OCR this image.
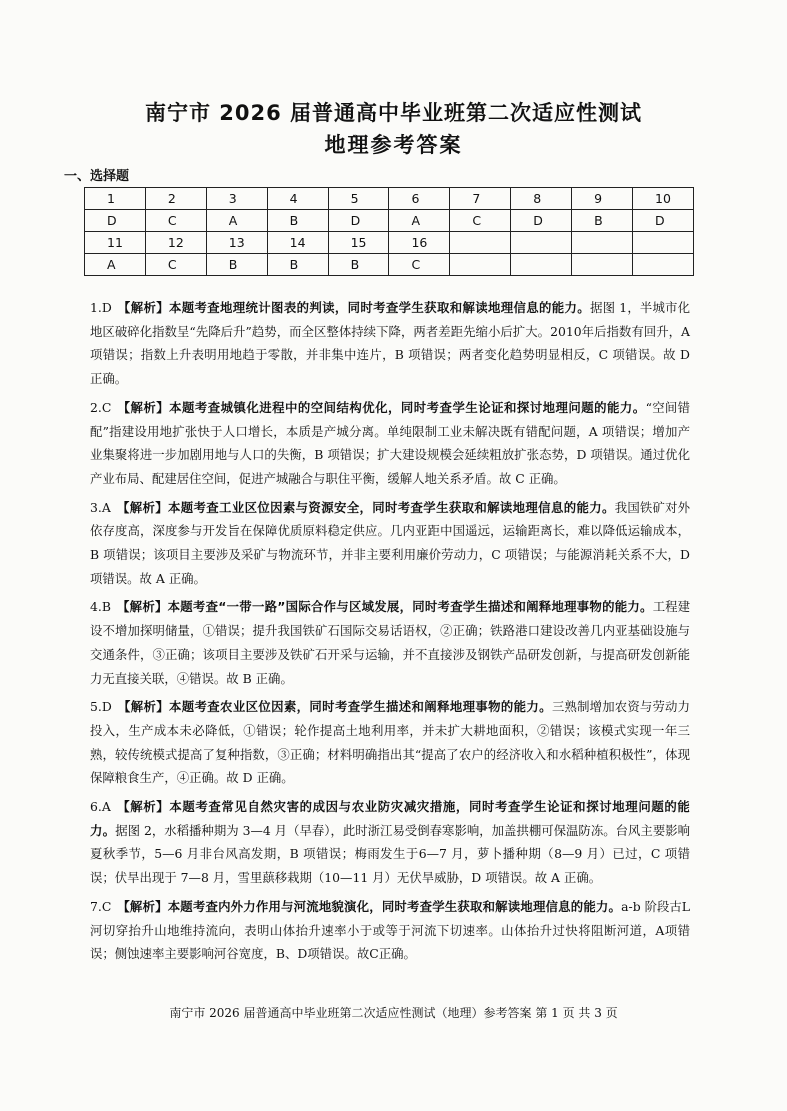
南宁市 2026 届普通高中毕业班第二次适应性测试
地理参考答案
一、选择题
1	2	3	4	5	6	7	8	9	10
D	C	A	B	D	A	C	D	B	D
11	12	13	14	15	16				
A	C	B	B	B	C				

1.D 【解析】本题考查地理统计图表的判读，同时考查学生获取和解读地理信息的能力。据图 1，半城市化地区破碎化指数呈“先降后升”趋势，而全区整体持续下降，两者差距先缩小后扩大。2010年后指数有回升，A 项错误；指数上升表明用地趋于零散，并非集中连片，B 项错误；两者变化趋势明显相反，C 项错误。故 D 正确。

2.C 【解析】本题考查城镇化进程中的空间结构优化，同时考查学生论证和探讨地理问题的能力。“空间错配”指建设用地扩张快于人口增长，本质是产城分离。单纯限制工业未解决既有错配问题，A 项错误；增加产业集聚将进一步加剧用地与人口的失衡，B 项错误；扩大建设规模会延续粗放扩张态势，D 项错误。通过优化产业布局、配建居住空间，促进产城融合与职住平衡，缓解人地关系矛盾。故 C 正确。

3.A 【解析】本题考查工业区位因素与资源安全，同时考查学生获取和解读地理信息的能力。我国铁矿对外依存度高，深度参与开发旨在保障优质原料稳定供应。几内亚距中国遥远，运输距离长，难以降低运输成本，B 项错误；该项目主要涉及采矿与物流环节，并非主要利用廉价劳动力，C 项错误；与能源消耗关系不大，D 项错误。故 A 正确。

4.B 【解析】本题考查“一带一路”国际合作与区域发展，同时考查学生描述和阐释地理事物的能力。工程建设不增加探明储量，①错误；提升我国铁矿石国际交易话语权，②正确；铁路港口建设改善几内亚基础设施与交通条件，③正确；该项目主要涉及铁矿石开采与运输，并不直接涉及钢铁产品研发创新，与提高研发创新能力无直接关联，④错误。故 B 正确。

5.D 【解析】本题考查农业区位因素，同时考查学生描述和阐释地理事物的能力。三熟制增加农资与劳动力投入，生产成本未必降低，①错误；轮作提高土地利用率，并未扩大耕地面积，②错误；该模式实现一年三熟，较传统模式提高了复种指数，③正确；材料明确指出其“提高了农户的经济收入和水稻种植积极性”，体现保障粮食生产，④正确。故 D 正确。

6.A 【解析】本题考查常见自然灾害的成因与农业防灾减灾措施，同时考查学生论证和探讨地理问题的能力。据图 2，水稻播种期为 3—4 月（早春），此时浙江易受倒春寒影响，加盖拱棚可保温防冻。台风主要影响夏秋季节，5—6 月非台风高发期，B 项错误；梅雨发生于6—7 月，萝卜播种期（8—9 月）已过，C 项错误；伏旱出现于 7—8 月，雪里蕻移栽期（10—11 月）无伏旱威胁，D 项错误。故 A 正确。

7.C 【解析】本题考查内外力作用与河流地貌演化，同时考查学生获取和解读地理信息的能力。a-b 阶段古L河切穿抬升山地维持流向，表明山体抬升速率小于或等于河流下切速率。山体抬升过快将阻断河道，A项错误；侧蚀速率主要影响河谷宽度，B、D项错误。故C正确。

南宁市 2026 届普通高中毕业班第二次适应性测试（地理）参考答案 第 1 页 共 3 页
